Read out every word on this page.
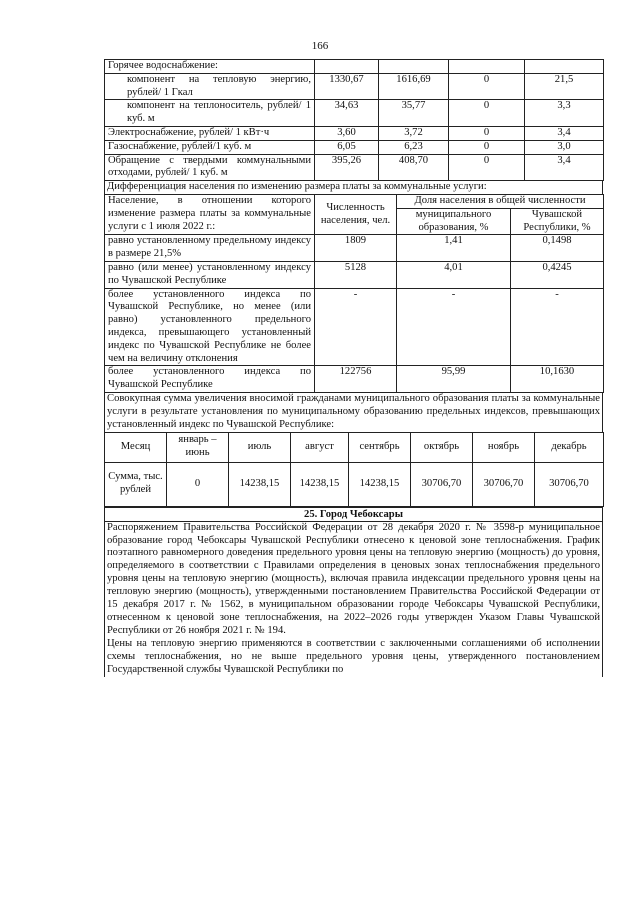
166
Горячее водоснабжение:				
компонент на тепловую энергию, рублей/ 1 Гкал	1330,67	1616,69	0	21,5
компонент на теплоноситель, рублей/ 1 куб. м	34,63	35,77	0	3,3
Электроснабжение, рублей/ 1 кВт·ч	3,60	3,72	0	3,4
Газоснабжение, рублей/1 куб. м	6,05	6,23	0	3,0
Обращение с твердыми коммунальными отходами, рублей/ 1 куб. м	395,26	408,70	0	3,4
Дифференциация населения по изменению размера платы за коммунальные услуги:
Население, в отношении которого изменение размера платы за коммунальные услуги с 1 июля 2022 г.:	Численность населения, чел.	Доля населения в общей численности	
		муниципального образования, %	Чувашской Республики, %
равно установленному предельному индексу в размере 21,5%	1809	1,41	0,1498
равно (или менее) установленному индексу по Чувашской Республике	5128	4,01	0,4245
более установленного индекса по Чувашской Республике, но менее (или равно) установленного предельного индекса, превышающего установленный индекс по Чувашской Республике не более чем на величину отклонения	-	-	-
более установленного индекса по Чувашской Республике	122756	95,99	10,1630
Совокупная сумма увеличения вносимой гражданами муниципального образования платы за коммунальные услуги в результате установления по муниципальному образованию предельных индексов, превышающих установленный индекс по Чувашской Республике:
Месяц	январь – июнь	июль	август	сентябрь	октябрь	ноябрь	декабрь
Сумма, тыс. рублей	0	14238,15	14238,15	14238,15	30706,70	30706,70	30706,70
25. Город Чебоксары
Распоряжением Правительства Российской Федерации от 28 декабря 2020 г. № 3598-р муниципальное образование город Чебоксары Чувашской Республики отнесено к ценовой зоне теплоснабжения. График поэтапного равномерного доведения предельного уровня цены на тепловую энергию (мощность) до уровня, определяемого в соответствии с Правилами определения в ценовых зонах теплоснабжения предельного уровня цены на тепловую энергию (мощность), включая правила индексации предельного уровня цены на тепловую энергию (мощность), утвержденными постановлением Правительства Российской Федерации от 15 декабря 2017 г. № 1562, в муниципальном образовании городе Чебоксары Чувашской Республики, отнесенном к ценовой зоне теплоснабжения, на 2022–2026 годы утвержден Указом Главы Чувашской Республики от 26 ноября 2021 г. № 194.
Цены на тепловую энергию применяются в соответствии с заключенными соглашениями об исполнении схемы теплоснабжения, но не выше предельного уровня цены, утвержденного постановлением Государственной службы Чувашской Республики по
